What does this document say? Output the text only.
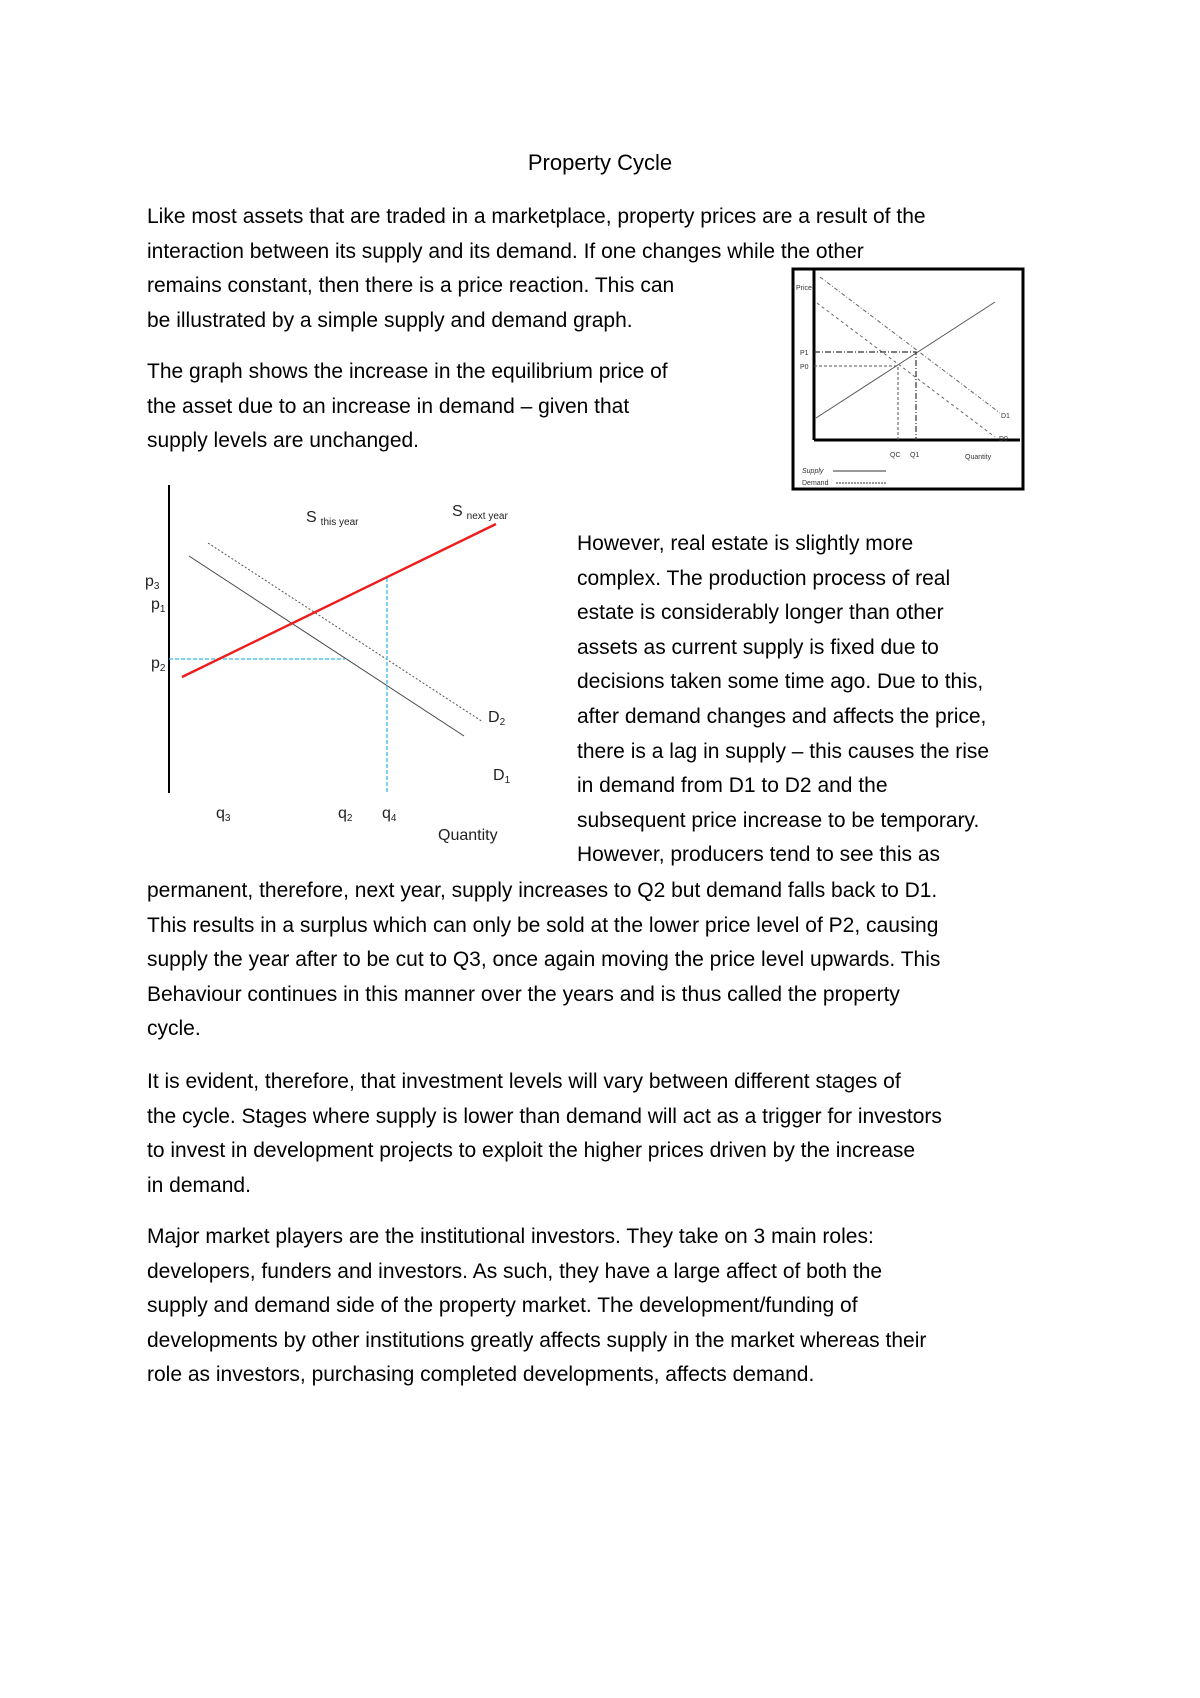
Property Cycle
Like most assets that are traded in a marketplace, property prices are a result of the
interaction between its supply and its demand. If one changes while the other
remains constant, then there is a price reaction. This can
be illustrated by a simple supply and demand graph.
The graph shows the increase in the equilibrium price of
the asset due to an increase in demand – given that
supply levels are unchanged.
However, real estate is slightly more
complex. The production process of real
estate is considerably longer than other
assets as current supply is fixed due to
decisions taken some time ago. Due to this,
after demand changes and affects the price,
there is a lag in supply – this causes the rise
in demand from D1 to D2 and the
subsequent price increase to be temporary.
However, producers tend to see this as
permanent, therefore, next year, supply increases to Q2 but demand falls back to D1.
This results in a surplus which can only be sold at the lower price level of P2, causing
supply the year after to be cut to Q3, once again moving the price level upwards. This
Behaviour continues in this manner over the years and is thus called the property
cycle.
It is evident, therefore, that investment levels will vary between different stages of
the cycle. Stages where supply is lower than demand will act as a trigger for investors
to invest in development projects to exploit the higher prices driven by the increase
in demand.
Major market players are the institutional investors. They take on 3 main roles:
developers, funders and investors. As such, they have a large affect of both the
supply and demand side of the property market. The development/funding of
developments by other institutions greatly affects supply in the market whereas their
role as investors, purchasing completed developments, affects demand.
Price
P1
P0
D1
D0
QC Q1	Quantity
Supply
Demand
Sthis year
Snext year
p3
p1
p2
D2
D1
q3	q2 q4
Quantity
